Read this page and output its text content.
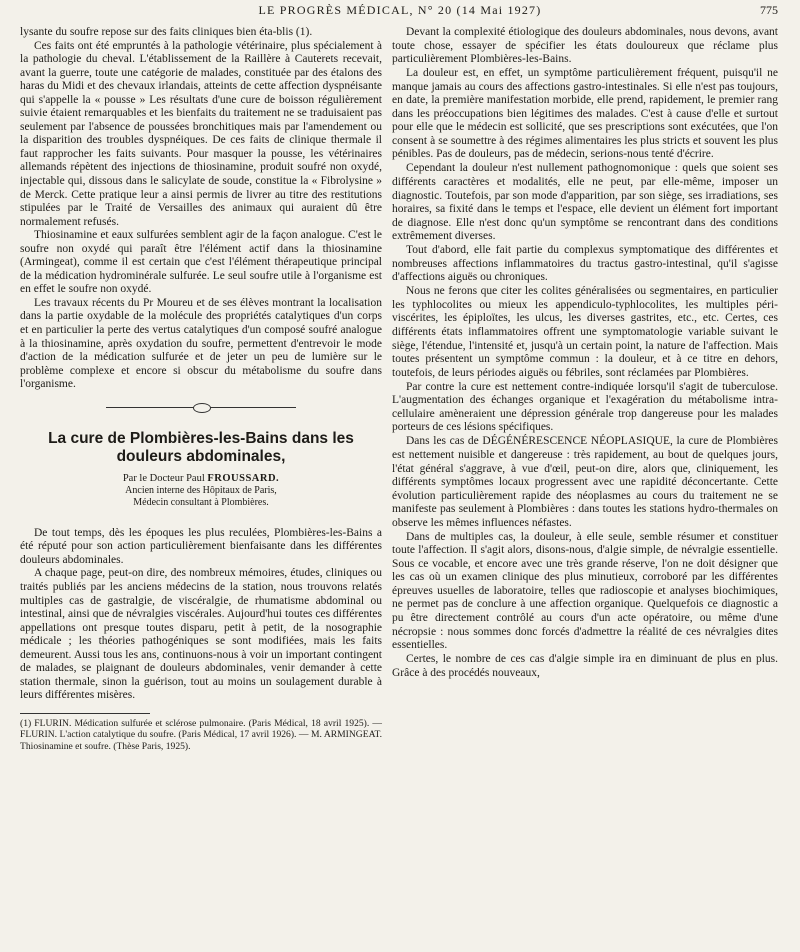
LE PROGRÈS MÉDICAL, N° 20 (14 Mai 1927)	775

lysante du soufre repose sur des faits cliniques bien éta-blis (1).

Ces faits ont été empruntés à la pathologie vétérinaire, plus spécialement à la pathologie du cheval. L'établissement de la Raillère à Cauterets recevait, avant la guerre, toute une catégorie de malades, constituée par des étalons des haras du Midi et des chevaux irlandais, atteints de cette affection dyspnéisante qui s'appelle la « pousse » Les résultats d'une cure de boisson régulièrement suivie étaient remarquables et les bienfaits du traitement ne se traduisaient pas seulement par l'absence de poussées bronchitiques mais par l'amendement ou la disparition des troubles dyspnéiques. De ces faits de clinique thermale il faut rapprocher les faits suivants. Pour masquer la pousse, les vétérinaires allemands répètent des injections de thiosinamine, produit soufré non oxydé, injectable qui, dissous dans le salicylate de soude, constitue la « Fibrolysine » de Merck. Cette pratique leur a ainsi permis de livrer au titre des restitutions stipulées par le Traité de Versailles des animaux qui auraient dû être normalement refusés.

Thiosinamine et eaux sulfurées semblent agir de la façon analogue. C'est le soufre non oxydé qui paraît être l'élément actif dans la thiosinamine (Armingeat), comme il est certain que c'est l'élément thérapeutique principal de la médication hydrominérale sulfurée. Le seul soufre utile à l'organisme est en effet le soufre non oxydé.

Les travaux récents du Pr Moureu et de ses élèves montrant la localisation dans la partie oxydable de la molécule des propriétés catalytiques d'un corps et en particulier la perte des vertus catalytiques d'un composé soufré analogue à la thiosinamine, après oxydation du soufre, permettent d'entrevoir le mode d'action de la médication sulfurée et de jeter un peu de lumière sur le problème complexe et encore si obscur du métabolisme du soufre dans l'organisme.

La cure de Plombières-les-Bains dans les douleurs abdominales,
Par le Docteur Paul FROUSSARD.
Ancien interne des Hôpitaux de Paris,
Médecin consultant à Plombières.

De tout temps, dès les époques les plus reculées, Plombières-les-Bains a été réputé pour son action particulièrement bienfaisante dans les différentes douleurs abdominales.

A chaque page, peut-on dire, des nombreux mémoires, études, cliniques ou traités publiés par les anciens médecins de la station, nous trouvons relatés multiples cas de gastralgie, de viscéralgie, de rhumatisme abdominal ou intestinal, ainsi que de névralgies viscérales. Aujourd'hui toutes ces différentes appellations ont presque toutes disparu, petit à petit, de la nosographie médicale ; les théories pathogéniques se sont modifiées, mais les faits demeurent. Aussi tous les ans, continuons-nous à voir un important contingent de malades, se plaignant de douleurs abdominales, venir demander à cette station thermale, sinon la guérison, tout au moins un soulagement durable à leurs différentes misères.

(1) FLURIN. Médication sulfurée et sclérose pulmonaire. (Paris Médical, 18 avril 1925). — FLURIN. L'action catalytique du soufre. (Paris Médical, 17 avril 1926). — M. ARMINGEAT. Thiosinamine et soufre. (Thèse Paris, 1925).

Devant la complexité étiologique des douleurs abdominales, nous devons, avant toute chose, essayer de spécifier les états douloureux que réclame plus particulièrement Plombières-les-Bains.

La douleur est, en effet, un symptôme particulièrement fréquent, puisqu'il ne manque jamais au cours des affections gastro-intestinales. Si elle n'est pas toujours, en date, la première manifestation morbide, elle prend, rapidement, le premier rang dans les préoccupations bien légitimes des malades. C'est à cause d'elle et surtout pour elle que le médecin est sollicité, que ses prescriptions sont exécutées, que l'on consent à se soumettre à des régimes alimentaires les plus stricts et souvent les plus pénibles. Pas de douleurs, pas de médecin, serions-nous tenté d'écrire.

Cependant la douleur n'est nullement pathognomonique : quels que soient ses différents caractères et modalités, elle ne peut, par elle-même, imposer un diagnostic. Toutefois, par son mode d'apparition, par son siège, ses irradiations, ses horaires, sa fixité dans le temps et l'espace, elle devient un élément fort important de diagnose. Elle n'est donc qu'un symptôme se rencontrant dans des conditions extrêmement diverses.

Tout d'abord, elle fait partie du complexus symptomatique des différentes et nombreuses affections inflammatoires du tractus gastro-intestinal, qu'il s'agisse d'affections aiguës ou chroniques.

Nous ne ferons que citer les colites généralisées ou segmentaires, en particulier les typhlocolites ou mieux les appendiculo-typhlocolites, les multiples péri-viscérites, les épiploïtes, les ulcus, les diverses gastrites, etc., etc. Certes, ces différents états inflammatoires offrent une symptomatologie variable suivant le siège, l'étendue, l'intensité et, jusqu'à un certain point, la nature de l'affection. Mais toutes présentent un symptôme commun : la douleur, et à ce titre en dehors, toutefois, de leurs périodes aiguës ou fébriles, sont réclamées par Plombières.

Par contre la cure est nettement contre-indiquée lorsqu'il s'agit de tuberculose. L'augmentation des échanges organique et l'exagération du métabolisme intra-cellulaire amèneraient une dépression générale trop dangereuse pour les malades porteurs de ces lésions spécifiques.

Dans les cas de DÉGÉNÉRESCENCE NÉOPLASIQUE, la cure de Plombières est nettement nuisible et dangereuse : très rapidement, au bout de quelques jours, l'état général s'aggrave, à vue d'œil, peut-on dire, alors que, cliniquement, les différents symptômes locaux progressent avec une rapidité déconcertante. Cette évolution particulièrement rapide des néoplasmes au cours du traitement ne se manifeste pas seulement à Plombières : dans toutes les stations hydro-thermales on observe les mêmes influences néfastes.

Dans de multiples cas, la douleur, à elle seule, semble résumer et constituer toute l'affection. Il s'agit alors, disons-nous, d'algie simple, de névralgie essentielle. Sous ce vocable, et encore avec une très grande réserve, l'on ne doit désigner que les cas où un examen clinique des plus minutieux, corroboré par les différentes épreuves usuelles de laboratoire, telles que radioscopie et analyses biochimiques, ne permet pas de conclure à une affection organique. Quelquefois ce diagnostic a pu être directement contrôlé au cours d'un acte opératoire, ou même d'une nécropsie : nous sommes donc forcés d'admettre la réalité de ces névralgies dites essentielles.

Certes, le nombre de ces cas d'algie simple ira en diminuant de plus en plus. Grâce à des procédés nouveaux,
